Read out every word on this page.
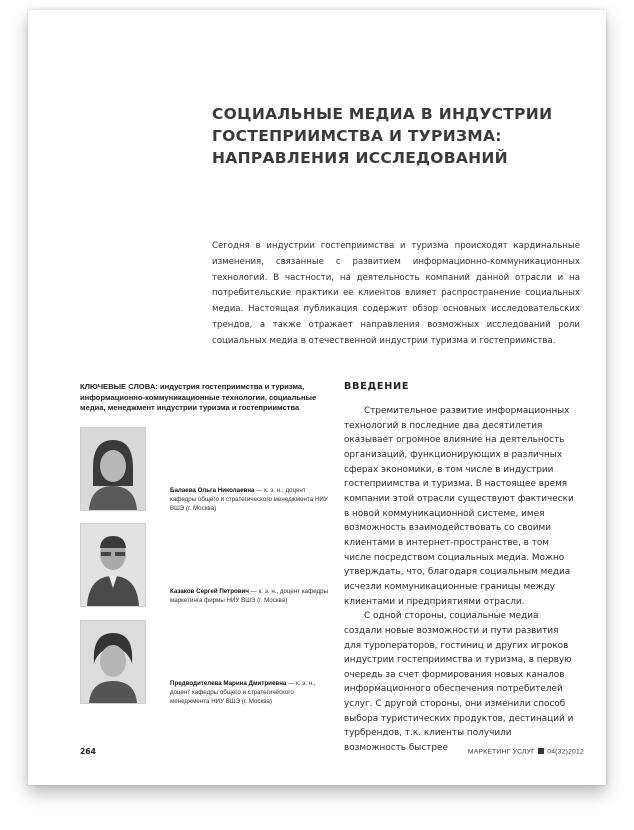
СОЦИАЛЬНЫЕ МЕДИА В ИНДУСТРИИ
ГОСТЕПРИИМСТВА И ТУРИЗМА:
НАПРАВЛЕНИЯ ИССЛЕДОВАНИЙ
Сегодня в индустрии гостеприимства и туризма происходят кардинальные изменения, связанные с развитием информационно-коммуникационных технологий. В частности, на деятельность компаний данной отрасли и на потребительские практики ее клиентов влияет распространение социальных медиа. Настоящая публикация содержит обзор основных исследовательских трендов, а также отражает направления возможных исследований роли социальных медиа в отечественной индустрии туризма и гостеприимства.
КЛЮЧЕВЫЕ СЛОВА: индустрия гостеприимства и туризма, информационно-коммуникационные технологии, социальные медиа, менеджмент индустрии туризма и гостеприимства
Балаева Ольга Николаевна — к. э. н., доцент кафедры общего и стратегического менеджмента НИУ ВШЭ (г. Москва)
Казаков Сергей Петрович — к. э. н., доцент кафедры маркетинга фирмы НИУ ВШЭ (г. Москва)
Предводителева Марина Дмитриевна — к. э. н., доцент кафедры общего и стратегического менеджмента НИУ ВШЭ (г. Москва)
ВВЕДЕНИЕ

Стремительное развитие информационных технологий в последние два десятилетия оказывает огромное влияние на деятельность организаций, функционирующих в различных сферах экономики, в том числе в индустрии гостеприимства и туризма. В настоящее время компании этой отрасли существуют фактически в новой коммуникационной системе, имея возможность взаимодействовать со своими клиентами в интернет-пространстве, в том числе посредством социальных медиа. Можно утверждать, что, благодаря социальным медиа исчезли коммуникационные границы между клиентами и предприятиями отрасли.

С одной стороны, социальные медиа создали новые возможности и пути развития для туроператоров, гостиниц и других игроков индустрии гостеприимства и туризма, в первую очередь за счет формирования новых каналов информационного обеспечения потребителей услуг. С другой стороны, они изменили способ выбора туристических продуктов, дестинаций и турбрендов, т.к. клиенты получили возможность быстрее

264	МАРКЕТИНГ УСЛУГ 04(32)2012
